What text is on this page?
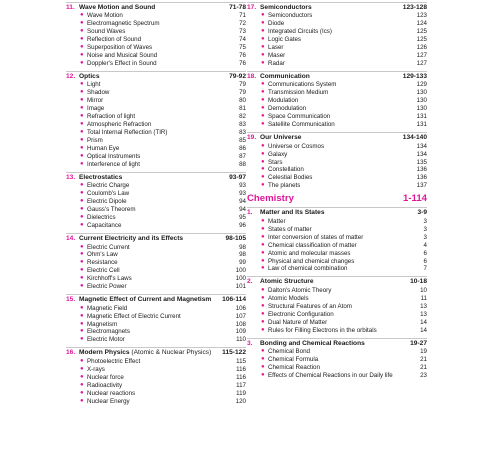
11. Wave Motion and Sound	71-78
● Wave Motion	71
● Electromagnetic Spectrum	72
● Sound Waves	73
● Reflection of Sound	74
● Superposition of Waves	75
● Noise and Musical Sound	76
● Doppler's Effect in Sound	76
12. Optics	79-92
● Light	79
● Shadow	79
● Mirror	80
● Image	81
● Refraction of light	82
● Atmospheric Refraction	83
● Total Internal Reflection (TIR)	83
● Prism	85
● Human Eye	86
● Optical Instruments	87
● Interference of light	88
13. Electrostatics	93-97
● Electric Charge	93
● Coulomb's Law	93
● Electric Dipole	94
● Gauss's Theorem	94
● Dielectrics	95
● Capacitance	96
14. Current Electricity and its Effects	98-105
● Electric Current	98
● Ohm's Law	98
● Resistance	99
● Electric Cell	100
● Kirchhoff's Laws	100
● Electric Power	101
15. Magnetic Effect of Current and Magnetism	106-114
● Magnetic Field	106
● Magnetic Effect of Electric Current	107
● Magnetism	108
● Electromagnets	109
● Electric Motor	110
16. Modern Physics (Atomic & Nuclear Physics)	115-122
● Photoelectric Effect	115
● X-rays	116
● Nuclear force	116
● Radioactivity	117
● Nuclear reactions	119
● Nuclear Energy	120
17. Semiconductors	123-128
● Semiconductors	123
● Diode	124
● Integrated Circuits (Ics)	125
● Logic Gates	125
● Laser	126
● Maser	127
● Radar	127
18. Communication	129-133
● Communications System	129
● Transmission Medium	130
● Modulation	130
● Demodulation	130
● Space Communication	131
● Satellite Communication	131
19. Our Universe	134-140
● Universe or Cosmos	134
● Galaxy	134
● Stars	135
● Constellation	136
● Celestial Bodies	136
● The planets	137
Chemistry	1-114
1.	Matter and Its States	3-9
● Matter	3
● States of matter	3
● Inter conversion of states of matter	3
● Chemical classification of matter	4
● Atomic and molecular masses	6
● Physical and chemical changes	6
● Law of chemical combination	7
2.	Atomic Structure	10-18
● Dalton's Atomic Theory	10
● Atomic Models	11
● Structural Features of an Atom	13
● Electronic Configuration	13
● Dual Nature of Matter	14
● Rules for Filling Electrons in the orbitals	14
3.	Bonding and Chemical Reactions	19-27
● Chemical Bond	19
● Chemical Formula	21
● Chemical Reaction	21
● Effects of Chemical Reactions in our Daily life	23
